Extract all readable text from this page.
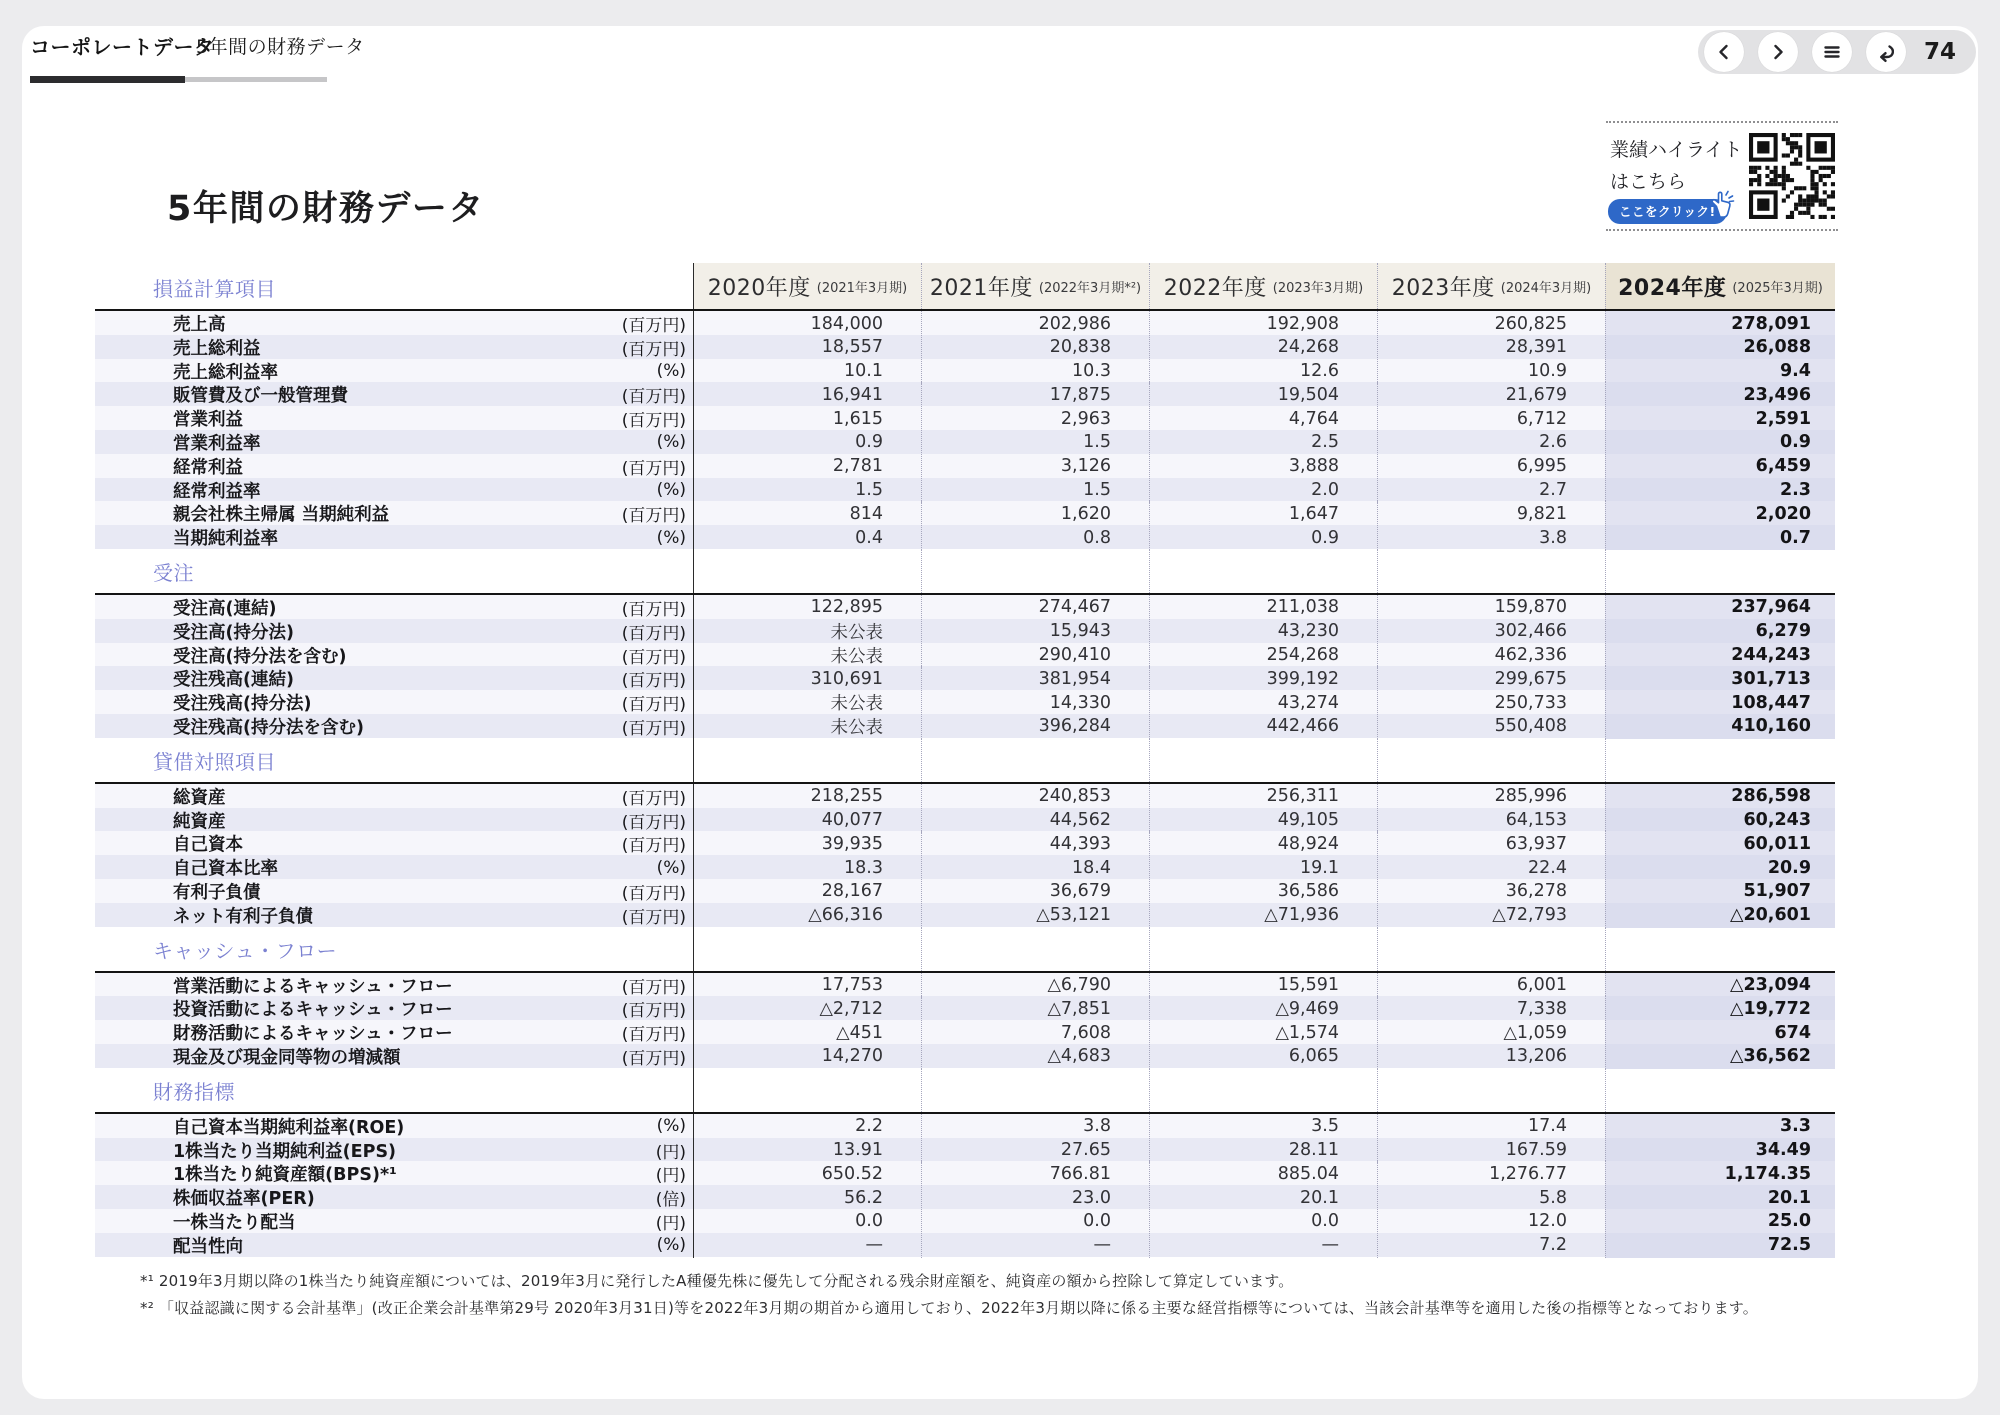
コーポレートデータ
5年間の財務データ	74
業績ハイライト
はこちら
ここをクリック!
5年間の財務データ
損益計算項目	2020年度 (2021年3月期) 2021年度 (2022年3月期*²) 2022年度 (2023年3月期) 2023年度 (2024年3月期) 2024年度 (2025年3月期)
売上高	(百万円)	184,000	202,986	192,908	260,825	278,091
売上総利益	(百万円)	18,557	20,838	24,268	28,391	26,088
売上総利益率	(%)	10.1	10.3	12.6	10.9	9.4
販管費及び一般管理費	(百万円)	16,941	17,875	19,504	21,679	23,496
営業利益	(百万円)	1,615	2,963	4,764	6,712	2,591
営業利益率	(%)	0.9	1.5	2.5	2.6	0.9
経常利益	(百万円)	2,781	3,126	3,888	6,995	6,459
経常利益率	(%)	1.5	1.5	2.0	2.7	2.3
親会社株主帰属 当期純利益	(百万円)	814	1,620	1,647	9,821	2,020
当期純利益率	(%)	0.4	0.8	0.9	3.8	0.7
受注
受注高(連結)	(百万円)	122,895	274,467	211,038	159,870	237,964
受注高(持分法)	(百万円)	未公表	15,943	43,230	302,466	6,279
受注高(持分法を含む)	(百万円)	未公表	290,410	254,268	462,336	244,243
受注残高(連結)	(百万円)	310,691	381,954	399,192	299,675	301,713
受注残高(持分法)	(百万円)	未公表	14,330	43,274	250,733	108,447
受注残高(持分法を含む)	(百万円)	未公表	396,284	442,466	550,408	410,160
貸借対照項目
総資産	(百万円)	218,255	240,853	256,311	285,996	286,598
純資産	(百万円)	40,077	44,562	49,105	64,153	60,243
自己資本	(百万円)	39,935	44,393	48,924	63,937	60,011
自己資本比率	(%)	18.3	18.4	19.1	22.4	20.9
有利子負債	(百万円)	28,167	36,679	36,586	36,278	51,907
ネット有利子負債	(百万円)	△66,316	△53,121	△71,936	△72,793	△20,601
キャッシュ・フロー
営業活動によるキャッシュ・フロー	(百万円)	17,753	△6,790	15,591	6,001	△23,094
投資活動によるキャッシュ・フロー	(百万円)	△2,712	△7,851	△9,469	7,338	△19,772
財務活動によるキャッシュ・フロー	(百万円)	△451	7,608	△1,574	△1,059	674
現金及び現金同等物の増減額	(百万円)	14,270	△4,683	6,065	13,206	△36,562
財務指標
自己資本当期純利益率(ROE)	(%)	2.2	3.8	3.5	17.4	3.3
1株当たり当期純利益(EPS)	(円)	13.91	27.65	28.11	167.59	34.49
1株当たり純資産額(BPS)*¹	(円)	650.52	766.81	885.04	1,276.77	1,174.35
株価収益率(PER)	(倍)	56.2	23.0	20.1	5.8	20.1
一株当たり配当	(円)	0.0	0.0	0.0	12.0	25.0
配当性向	(%)	—	—	—	7.2	72.5
*¹ 2019年3月期以降の1株当たり純資産額については、2019年3月に発行したA種優先株に優先して分配される残余財産額を、純資産の額から控除して算定しています。
*² 「収益認識に関する会計基準」(改正企業会計基準第29号 2020年3月31日)等を2022年3月期の期首から適用しており、2022年3月期以降に係る主要な経営指標等については、当該会計基準等を適用した後の指標等となっております。
